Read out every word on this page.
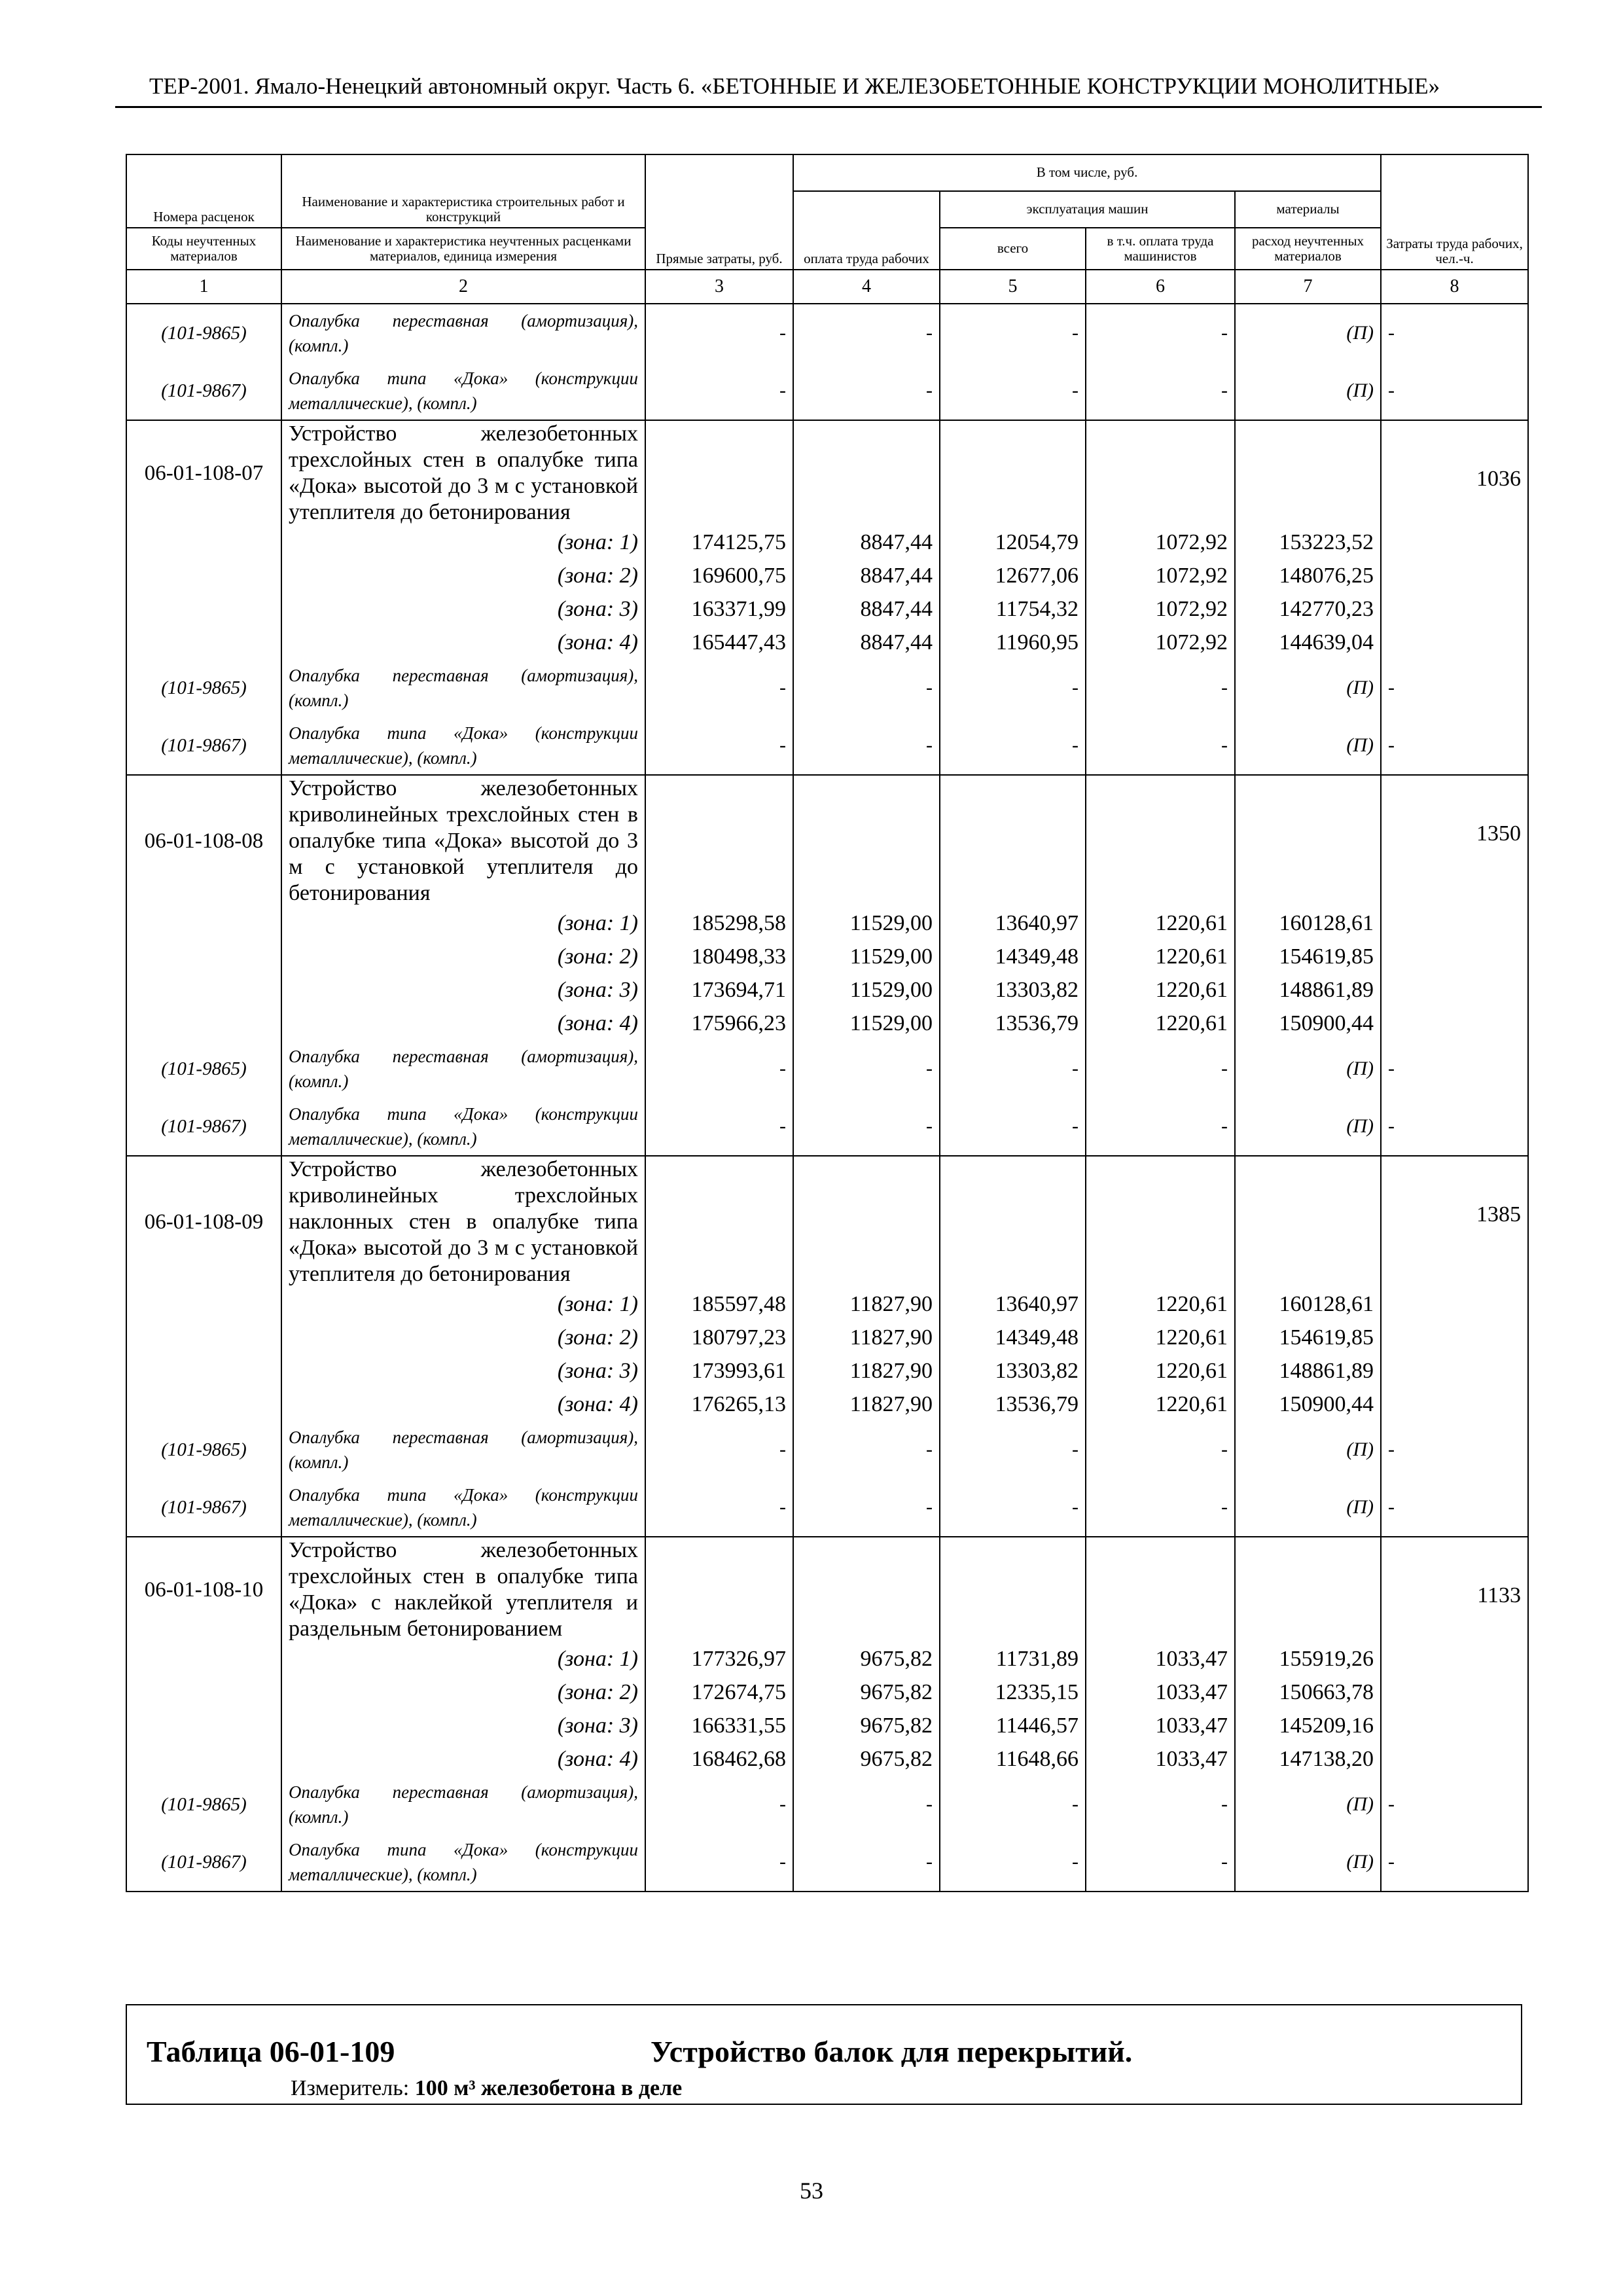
ТЕР-2001. Ямало-Ненецкий автономный округ. Часть 6. «БЕТОННЫЕ И ЖЕЛЕЗОБЕТОННЫЕ КОНСТРУКЦИИ МОНОЛИТНЫЕ»
Номера расценок	Наименование и характеристика строительных работ и конструкций	Прямые затраты, руб.	В том числе, руб.				Затраты труда рабочих, чел.-ч.
			оплата труда рабочих	эксплуатация машин		материалы	
Коды неучтенных материалов	Наименование и характеристика неучтенных расценками материалов, единица измерения			всего	в т.ч. оплата труда машинистов	расход неучтенных материалов	

1	2	3	4	5	6	7	8
(101-9865)	Опалубка переставная (амортизация), (компл.)	-	-	-	-	(П)	-
(101-9867)	Опалубка типа «Дока» (конструкции металлические), (компл.)	-	-	-	-	(П)	-
06-01-108-07	Устройство железобетонных трехслойных стен в опалубке типа «Дока» высотой до 3 м с установкой утеплителя до бетонирования						1036
	(зона: 1)	174125,75	8847,44	12054,79	1072,92	153223,52	
	(зона: 2)	169600,75	8847,44	12677,06	1072,92	148076,25	
	(зона: 3)	163371,99	8847,44	11754,32	1072,92	142770,23	
	(зона: 4)	165447,43	8847,44	11960,95	1072,92	144639,04	
(101-9865)	Опалубка переставная (амортизация), (компл.)	-	-	-	-	(П)	-
(101-9867)	Опалубка типа «Дока» (конструкции металлические), (компл.)	-	-	-	-	(П)	-
06-01-108-08	Устройство железобетонных криволинейных трехслойных стен в опалубке типа «Дока» высотой до 3 м с установкой утеплителя до бетонирования						1350
	(зона: 1)	185298,58	11529,00	13640,97	1220,61	160128,61	
	(зона: 2)	180498,33	11529,00	14349,48	1220,61	154619,85	
	(зона: 3)	173694,71	11529,00	13303,82	1220,61	148861,89	
	(зона: 4)	175966,23	11529,00	13536,79	1220,61	150900,44	
(101-9865)	Опалубка переставная (амортизация), (компл.)	-	-	-	-	(П)	-
(101-9867)	Опалубка типа «Дока» (конструкции металлические), (компл.)	-	-	-	-	(П)	-
06-01-108-09	Устройство железобетонных криволинейных трехслойных наклонных стен в опалубке типа «Дока» высотой до 3 м с установкой утеплителя до бетонирования						1385
	(зона: 1)	185597,48	11827,90	13640,97	1220,61	160128,61	
	(зона: 2)	180797,23	11827,90	14349,48	1220,61	154619,85	
	(зона: 3)	173993,61	11827,90	13303,82	1220,61	148861,89	
	(зона: 4)	176265,13	11827,90	13536,79	1220,61	150900,44	
(101-9865)	Опалубка переставная (амортизация), (компл.)	-	-	-	-	(П)	-
(101-9867)	Опалубка типа «Дока» (конструкции металлические), (компл.)	-	-	-	-	(П)	-
06-01-108-10	Устройство железобетонных трехслойных стен в опалубке типа «Дока» с наклейкой утеплителя и раздельным бетонированием						1133
	(зона: 1)	177326,97	9675,82	11731,89	1033,47	155919,26	
	(зона: 2)	172674,75	9675,82	12335,15	1033,47	150663,78	
	(зона: 3)	166331,55	9675,82	11446,57	1033,47	145209,16	
	(зона: 4)	168462,68	9675,82	11648,66	1033,47	147138,20	
(101-9865)	Опалубка переставная (амортизация), (компл.)	-	-	-	-	(П)	-
(101-9867)	Опалубка типа «Дока» (конструкции металлические), (компл.)	-	-	-	-	(П)	-
Таблица 06-01-109	Устройство балок для перекрытий.
Измеритель: 100 м³ железобетона в деле
53
